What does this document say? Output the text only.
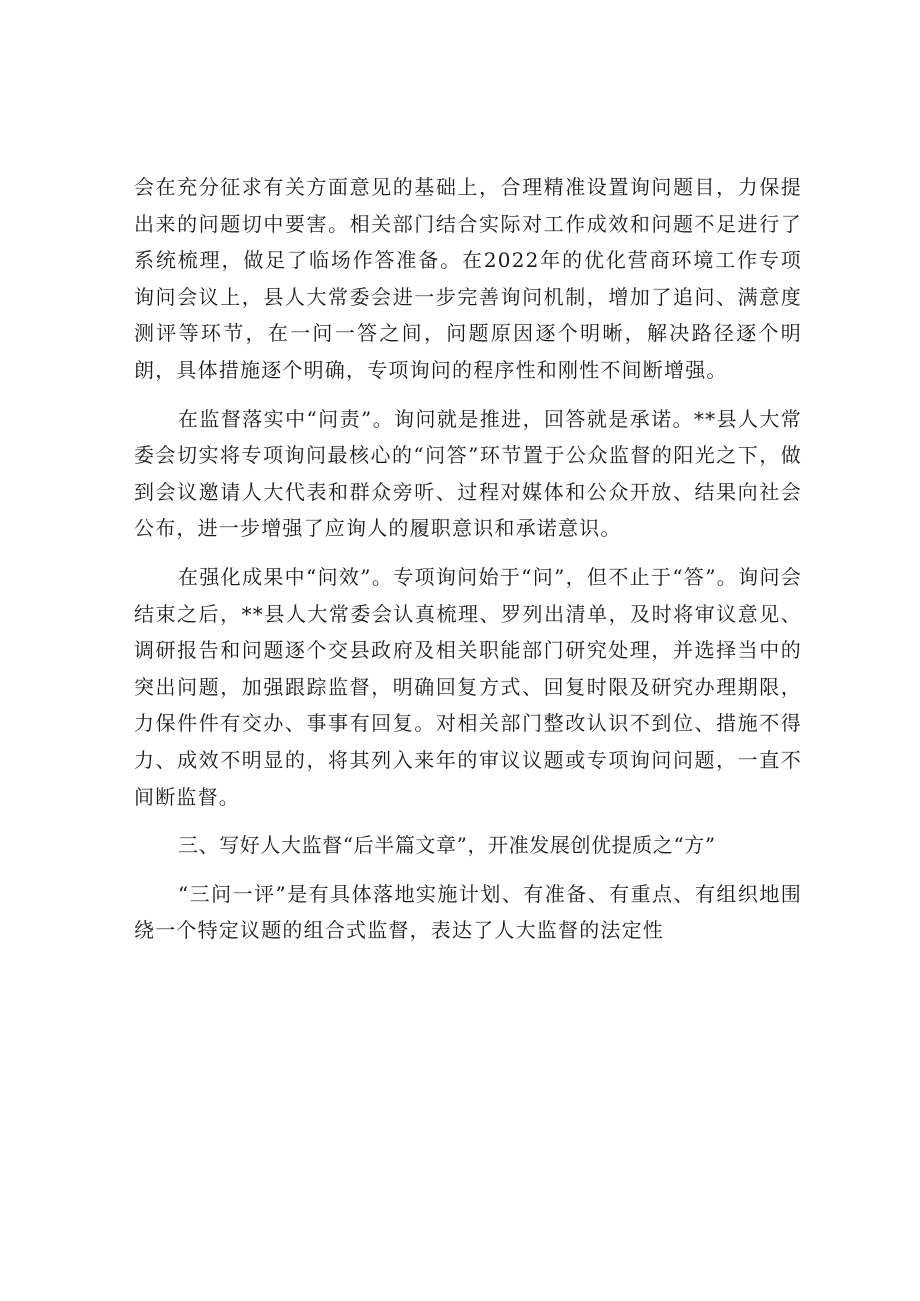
会在充分征求有关方面意见的基础上，合理精准设置询问题目，力保提出来的问题切中要害。相关部门结合实际对工作成效和问题不足进行了系统梳理，做足了临场作答准备。在2022年的优化营商环境工作专项询问会议上，县人大常委会进一步完善询问机制，增加了追问、满意度测评等环节，在一问一答之间，问题原因逐个明晰，解决路径逐个明朗，具体措施逐个明确，专项询问的程序性和刚性不间断增强。

在监督落实中“问责”。询问就是推进，回答就是承诺。**县人大常委会切实将专项询问最核心的“问答”环节置于公众监督的阳光之下，做到会议邀请人大代表和群众旁听、过程对媒体和公众开放、结果向社会公布，进一步增强了应询人的履职意识和承诺意识。

在强化成果中“问效”。专项询问始于“问”，但不止于“答”。询问会结束之后，**县人大常委会认真梳理、罗列出清单，及时将审议意见、调研报告和问题逐个交县政府及相关职能部门研究处理，并选择当中的突出问题，加强跟踪监督，明确回复方式、回复时限及研究办理期限，力保件件有交办、事事有回复。对相关部门整改认识不到位、措施不得力、成效不明显的，将其列入来年的审议议题或专项询问问题，一直不间断监督。

三、写好人大监督“后半篇文章”，开准发展创优提质之“方”

“三问一评”是有具体落地实施计划、有准备、有重点、有组织地围绕一个特定议题的组合式监督，表达了人大监督的法定性
